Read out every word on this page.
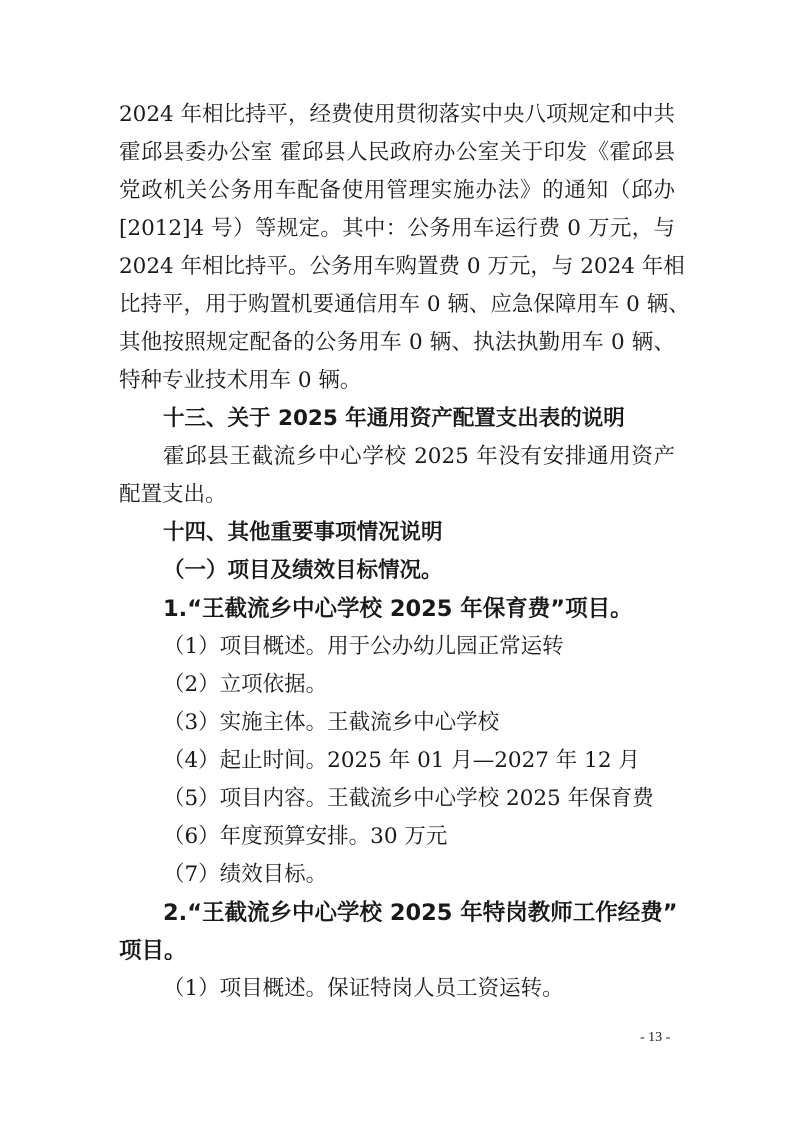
2024 年相比持平，经费使用贯彻落实中央八项规定和中共
霍邱县委办公室 霍邱县人民政府办公室关于印发《霍邱县
党政机关公务用车配备使用管理实施办法》的通知（邱办
[2012]4 号）等规定。其中：公务用车运行费 0 万元，与
2024 年相比持平。公务用车购置费 0 万元，与 2024 年相
比持平，用于购置机要通信用车 0 辆、应急保障用车 0 辆、
其他按照规定配备的公务用车 0 辆、执法执勤用车 0 辆、
特种专业技术用车 0 辆。
十三、关于 2025 年通用资产配置支出表的说明
霍邱县王截流乡中心学校 2025 年没有安排通用资产
配置支出。
十四、其他重要事项情况说明
（一）项目及绩效目标情况。
1.“王截流乡中心学校 2025 年保育费”项目。
（1）项目概述。用于公办幼儿园正常运转
（2）立项依据。
（3）实施主体。王截流乡中心学校
（4）起止时间。2025 年 01 月—2027 年 12 月
（5）项目内容。王截流乡中心学校 2025 年保育费
（6）年度预算安排。30 万元
（7）绩效目标。
2.“王截流乡中心学校 2025 年特岗教师工作经费”
项目。
（1）项目概述。保证特岗人员工资运转。
- 13 -
